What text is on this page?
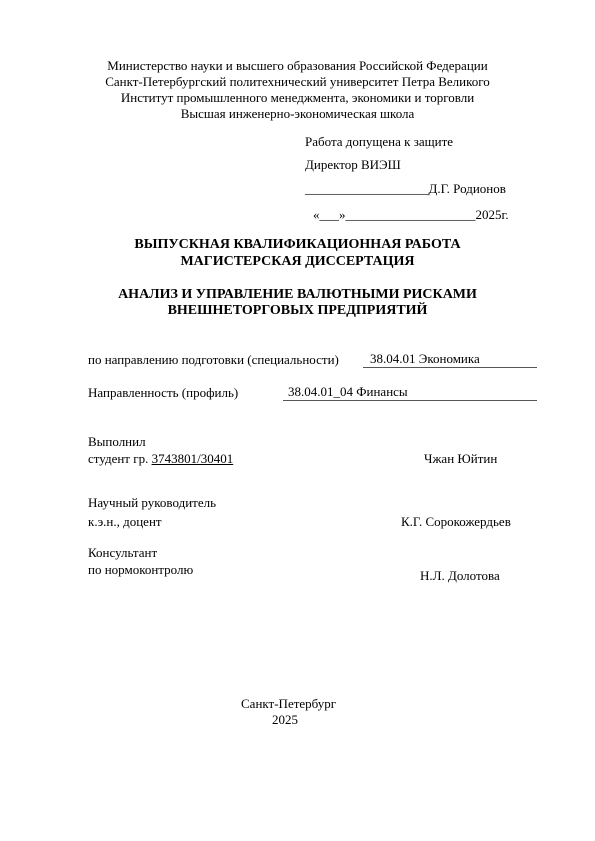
Министерство науки и высшего образования Российской Федерации
Санкт-Петербургский политехнический университет Петра Великого
Институт промышленного менеджмента, экономики и торговли
Высшая инженерно-экономическая школа
Работа допущена к защите
Директор ВИЭШ
___________________Д.Г. Родионов
«___»____________________2025г.
ВЫПУСКНАЯ КВАЛИФИКАЦИОННАЯ РАБОТА
МАГИСТЕРСКАЯ ДИССЕРТАЦИЯ
АНАЛИЗ И УПРАВЛЕНИЕ ВАЛЮТНЫМИ РИСКАМИ
ВНЕШНЕТОРГОВЫХ ПРЕДПРИЯТИЙ
по направлению подготовки (специальности) 38.04.01 Экономика
Направленность (профиль)	38.04.01_04 Финансы
Выполнил
студент гр. 3743801/30401	Чжан Юйтин
Научный руководитель
к.э.н., доцент	К.Г. Сорокожердьев
Консультант
по нормоконтролю	Н.Л. Долотова
Санкт-Петербург
2025
